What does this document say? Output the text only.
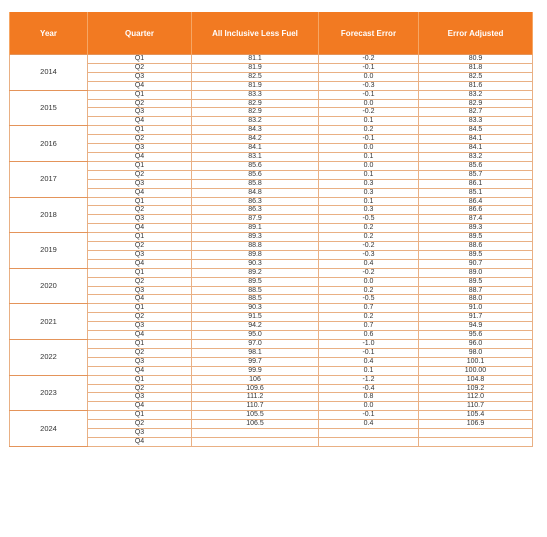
Year	Quarter	All Inclusive Less Fuel	Forecast Error	Error Adjusted
2014	Q1	81.1	-0.2	80.9
	Q2	81.9	-0.1	81.8
	Q3	82.5	0.0	82.5
	Q4	81.9	-0.3	81.6
2015	Q1	83.3	-0.1	83.2
	Q2	82.9	0.0	82.9
	Q3	82.9	-0.2	82.7
	Q4	83.2	0.1	83.3
2016	Q1	84.3	0.2	84.5
	Q2	84.2	-0.1	84.1
	Q3	84.1	0.0	84.1
	Q4	83.1	0.1	83.2
2017	Q1	85.6	0.0	85.6
	Q2	85.6	0.1	85.7
	Q3	85.8	0.3	86.1
	Q4	84.8	0.3	85.1
2018	Q1	86.3	0.1	86.4
	Q2	86.3	0.3	86.6
	Q3	87.9	-0.5	87.4
	Q4	89.1	0.2	89.3
2019	Q1	89.3	0.2	89.5
	Q2	88.8	-0.2	88.6
	Q3	89.8	-0.3	89.5
	Q4	90.3	0.4	90.7
2020	Q1	89.2	-0.2	89.0
	Q2	89.5	0.0	89.5
	Q3	88.5	0.2	88.7
	Q4	88.5	-0.5	88.0
2021	Q1	90.3	0.7	91.0
	Q2	91.5	0.2	91.7
	Q3	94.2	0.7	94.9
	Q4	95.0	0.6	95.6
2022	Q1	97.0	-1.0	96.0
	Q2	98.1	-0.1	98.0
	Q3	99.7	0.4	100.1
	Q4	99.9	0.1	100.00
2023	Q1	106	-1.2	104.8
	Q2	109.6	-0.4	109.2
	Q3	111.2	0.8	112.0
	Q4	110.7	0.0	110.7
2024	Q1	105.5	-0.1	105.4
	Q2	106.5	0.4	106.9
	Q3			
	Q4			
